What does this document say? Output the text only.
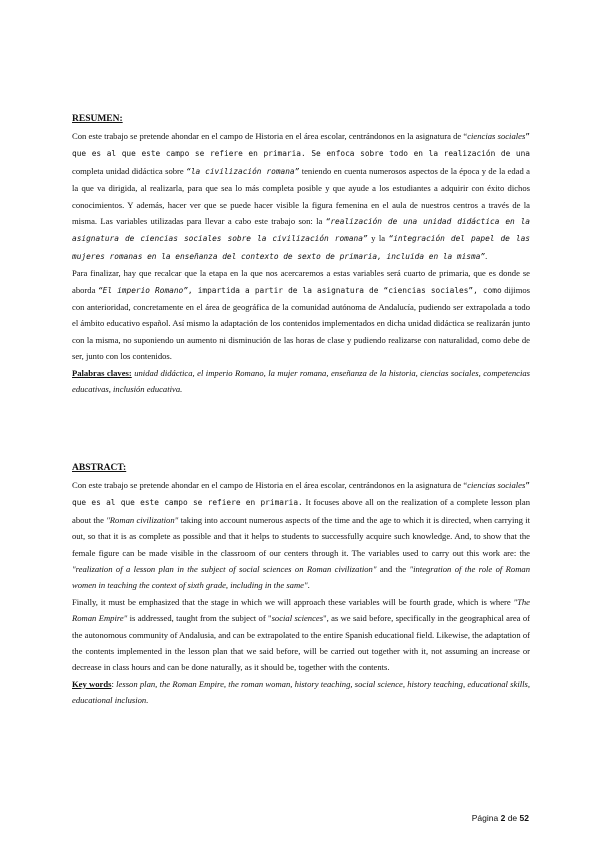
RESUMEN:

Con este trabajo se pretende ahondar en el campo de Historia en el área escolar, centrándonos en la asignatura de “ciencias sociales” que es al que este campo se refiere en primaria. Se enfoca sobre todo en la realización de una completa unidad didáctica sobre “la civilización romana” teniendo en cuenta numerosos aspectos de la época y de la edad a la que va dirigida, al realizarla, para que sea lo más completa posible y que ayude a los estudiantes a adquirir con éxito dichos conocimientos. Y además, hacer ver que se puede hacer visible la figura femenina en el aula de nuestros centros a través de la misma. Las variables utilizadas para llevar a cabo este trabajo son: la “realización de una unidad didáctica en la asignatura de ciencias sociales sobre la civilización romana” y la “integración del papel de las mujeres romanas en la enseñanza del contexto de sexto de primaria, incluida en la misma”.

Para finalizar, hay que recalcar que la etapa en la que nos acercaremos a estas variables será cuarto de primaria, que es donde se aborda “El imperio Romano”, impartida a partir de la asignatura de “ciencias sociales”, como dijimos con anterioridad, concretamente en el área de geográfica de la comunidad autónoma de Andalucía, pudiendo ser extrapolada a todo el ámbito educativo español. Así mismo la adaptación de los contenidos implementados en dicha unidad didáctica se realizarán junto con la misma, no suponiendo un aumento ni disminución de las horas de clase y pudiendo realizarse con naturalidad, como debe de ser, junto con los contenidos.

Palabras claves: unidad didáctica, el imperio Romano, la mujer romana, enseñanza de la historia, ciencias sociales, competencias educativas, inclusión educativa.

ABSTRACT:

Con este trabajo se pretende ahondar en el campo de Historia en el área escolar, centrándonos en la asignatura de “ciencias sociales” que es al que este campo se refiere en primaria. It focuses above all on the realization of a complete lesson plan about the "Roman civilization" taking into account numerous aspects of the time and the age to which it is directed, when carrying it out, so that it is as complete as possible and that it helps to students to successfully acquire such knowledge. And, to show that the female figure can be made visible in the classroom of our centers through it. The variables used to carry out this work are: the "realization of a lesson plan in the subject of social sciences on Roman civilization" and the "integration of the role of Roman women in teaching the context of sixth grade, including in the same".

Finally, it must be emphasized that the stage in which we will approach these variables will be fourth grade, which is where "The Roman Empire" is addressed, taught from the subject of "social sciences", as we said before, specifically in the geographical area of the autonomous community of Andalusia, and can be extrapolated to the entire Spanish educational field. Likewise, the adaptation of the contents implemented in the lesson plan that we said before, will be carried out together with it, not assuming an increase or decrease in class hours and can be done naturally, as it should be, together with the contents.

Key words: lesson plan, the Roman Empire, the roman woman, history teaching, social science, history teaching, educational skills, educational inclusion.

Página 2 de 52
